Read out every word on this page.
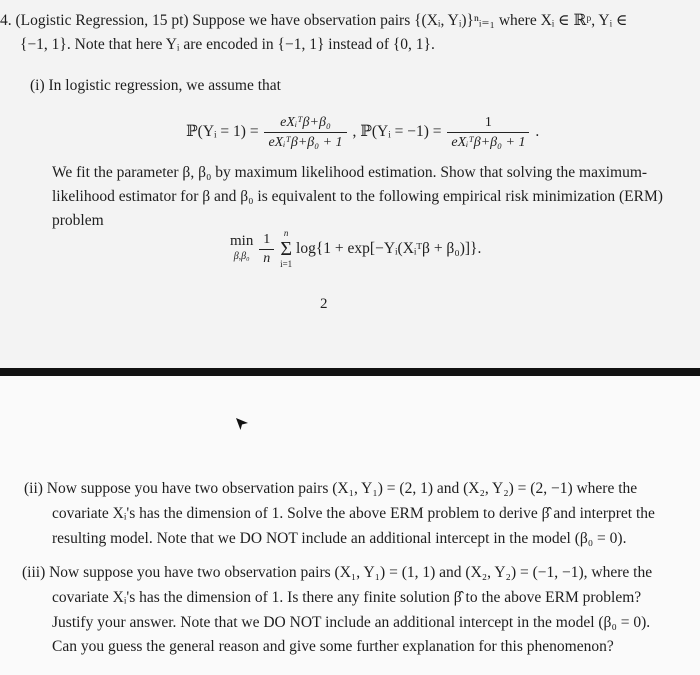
4. (Logistic Regression, 15 pt) Suppose we have observation pairs {(Xᵢ, Yᵢ)}ⁿᵢ₌₁ where Xᵢ ∈ ℝᵖ, Yᵢ ∈
{−1, 1}. Note that here Yᵢ are encoded in {−1, 1} instead of {0, 1}.
(i) In logistic regression, we assume that
ℙ(Yᵢ = $1) = \frac{\text{eXᵢᵀβ+β₀}}{\text{eXᵢᵀβ+β₀ + 1}}$ , ℙ(Yᵢ = $-1) = \frac{1}{\text{eXᵢᵀβ+β₀ + 1}}$ .
We fit the parameter β, β₀ by maximum likelihood estimation. Show that solving the maximum-
likelihood estimator for β and β₀ is equivalent to the following empirical risk minimization (ERM)
problem
min
β,β₀
$\frac{1}{n}$
	n
Σ
i=1
log{1 + exp[−Yᵢ(Xᵢᵀβ + β₀)]}.
2
(ii) Now suppose you have two observation pairs (X₁, Y₁) = (2, 1) and (X₂, Y₂) = (2, −1) where the
covariate Xᵢ's has the dimension of 1. Solve the above ERM problem to derive β̂ and interpret the
resulting model. Note that we DO NOT include an additional intercept in the model (β₀ = 0).
(iii) Now suppose you have two observation pairs (X₁, Y₁) = (1, 1) and (X₂, Y₂) = (−1, −1), where the
covariate Xᵢ's has the dimension of 1. Is there any finite solution β̂ to the above ERM problem?
Justify your answer. Note that we DO NOT include an additional intercept in the model (β₀ = 0).
Can you guess the general reason and give some further explanation for this phenomenon?
